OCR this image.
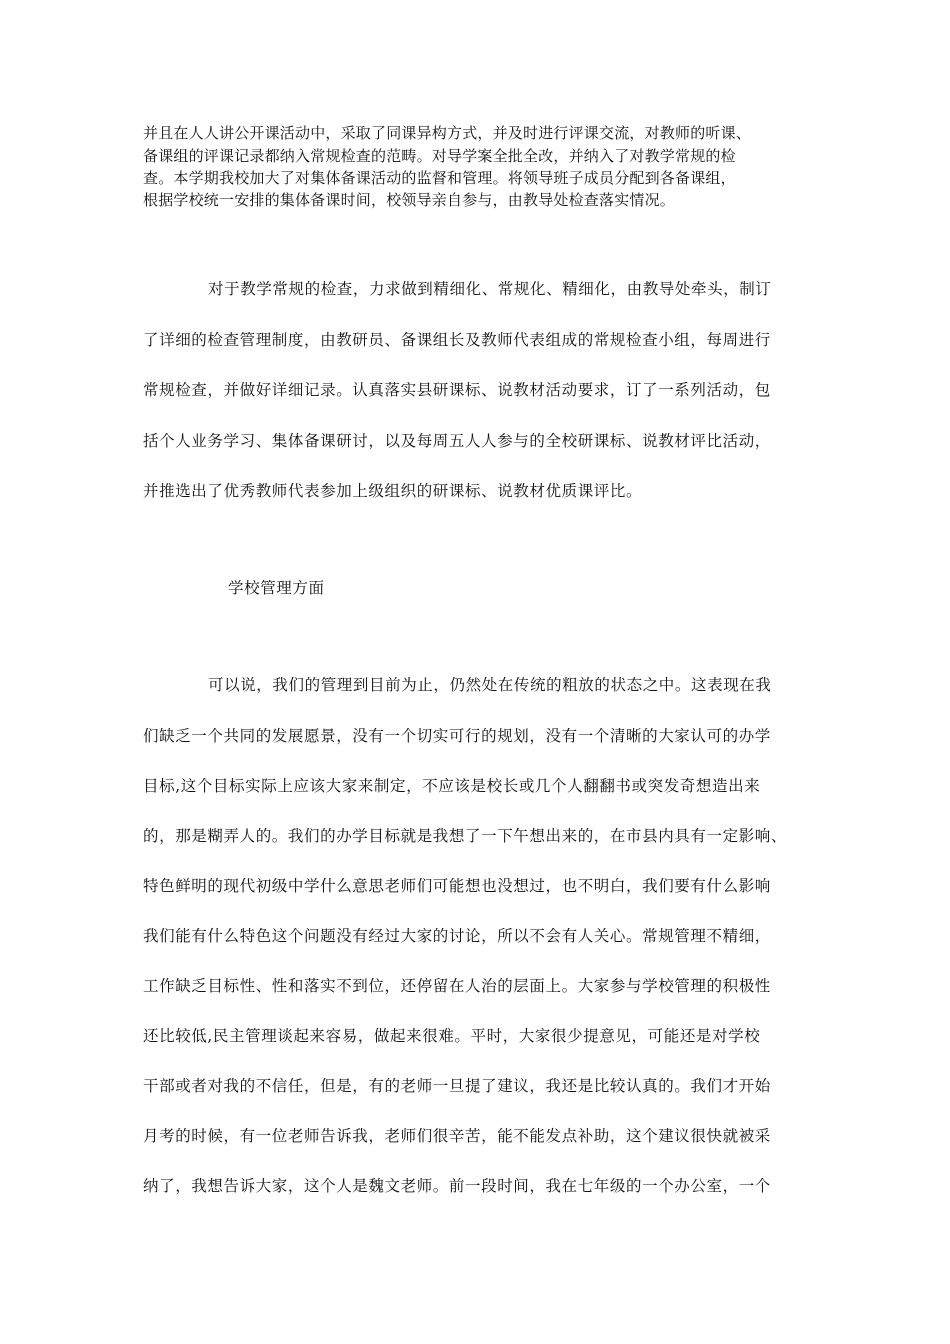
并且在人人讲公开课活动中，采取了同课异构方式，并及时进行评课交流，对教师的听课、
备课组的评课记录都纳入常规检查的范畴。对导学案全批全改，并纳入了对教学常规的检
查。本学期我校加大了对集体备课活动的监督和管理。将领导班子成员分配到各备课组，
根据学校统一安排的集体备课时间，校领导亲自参与，由教导处检查落实情况。
对于教学常规的检查，力求做到精细化、常规化、精细化，由教导处牵头，制订
了详细的检查管理制度，由教研员、备课组长及教师代表组成的常规检查小组，每周进行
常规检查，并做好详细记录。认真落实县研课标、说教材活动要求，订了一系列活动，包
括个人业务学习、集体备课研讨，以及每周五人人参与的全校研课标、说教材评比活动，
并推选出了优秀教师代表参加上级组织的研课标、说教材优质课评比。
学校管理方面
可以说，我们的管理到目前为止，仍然处在传统的粗放的状态之中。这表现在我
们缺乏一个共同的发展愿景，没有一个切实可行的规划，没有一个清晰的大家认可的办学
目标,这个目标实际上应该大家来制定，不应该是校长或几个人翻翻书或突发奇想造出来
的，那是糊弄人的。我们的办学目标就是我想了一下午想出来的，在市县内具有一定影响、
特色鲜明的现代初级中学什么意思老师们可能想也没想过，也不明白，我们要有什么影响
我们能有什么特色这个问题没有经过大家的讨论，所以不会有人关心。常规管理不精细，
工作缺乏目标性、性和落实不到位，还停留在人治的层面上。大家参与学校管理的积极性
还比较低,民主管理谈起来容易，做起来很难。平时，大家很少提意见，可能还是对学校
干部或者对我的不信任，但是，有的老师一旦提了建议，我还是比较认真的。我们才开始
月考的时候，有一位老师告诉我，老师们很辛苦，能不能发点补助，这个建议很快就被采
纳了，我想告诉大家，这个人是魏文老师。前一段时间，我在七年级的一个办公室，一个
